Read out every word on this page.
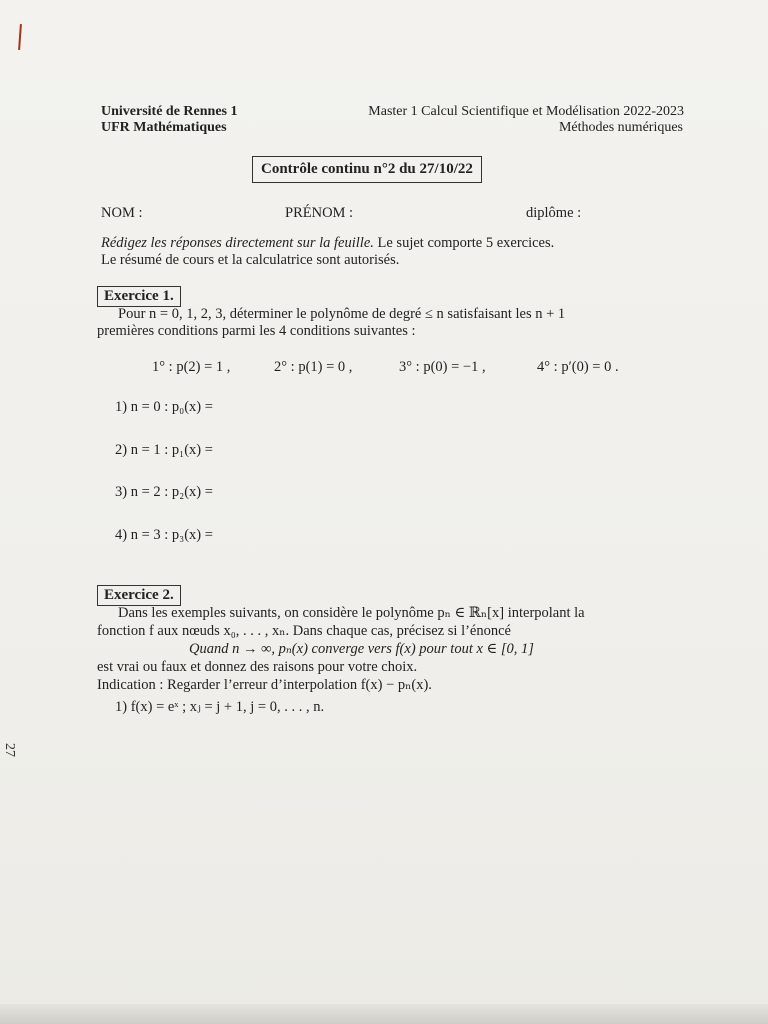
Université de Rennes 1
UFR Mathématiques
Master 1 Calcul Scientifique et Modélisation 2022-2023
Méthodes numériques
Contrôle continu n°2 du 27/10/22
NOM :	PRÉNOM :	diplôme :
Rédigez les réponses directement sur la feuille. Le sujet comporte 5 exercices.
Le résumé de cours et la calculatrice sont autorisés.
Exercice 1.
Pour n = 0, 1, 2, 3, déterminer le polynôme de degré ≤ n satisfaisant les n + 1
premières conditions parmi les 4 conditions suivantes :
1° : p(2) = 1 ,	2° : p(1) = 0 ,	3° : p(0) = −1 ,	4° : p′(0) = 0 .
1) n = 0 : p₀(x) =
2) n = 1 : p₁(x) =
3) n = 2 : p₂(x) =
4) n = 3 : p₃(x) =
Exercice 2.
Dans les exemples suivants, on considère le polynôme pₙ ∈ ℝₙ[x] interpolant la
fonction f aux nœuds x₀, . . . , xₙ. Dans chaque cas, précisez si l’énoncé
Quand n → ∞, pₙ(x) converge vers f(x) pour tout x ∈ [0, 1]
est vrai ou faux et donnez des raisons pour votre choix.
Indication : Regarder l’erreur d’interpolation f(x) − pₙ(x).
1) f(x) = eˣ ; xⱼ = j + 1, j = 0, . . . , n.
27
